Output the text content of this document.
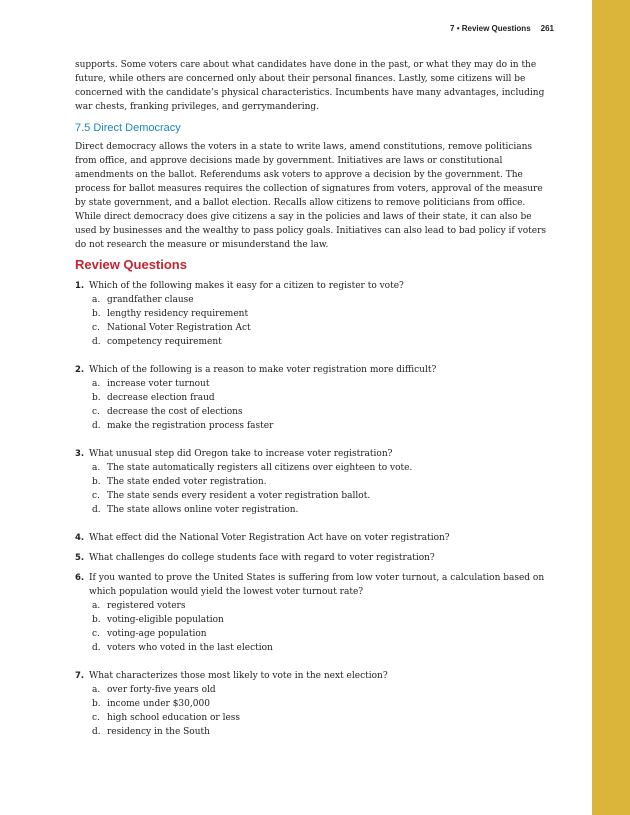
7 • Review Questions 261

supports. Some voters care about what candidates have done in the past, or what they may do in the future, while others are concerned only about their personal finances. Lastly, some citizens will be concerned with the candidate’s physical characteristics. Incumbents have many advantages, including war chests, franking privileges, and gerrymandering.

7.5 Direct Democracy

Direct democracy allows the voters in a state to write laws, amend constitutions, remove politicians from office, and approve decisions made by government. Initiatives are laws or constitutional amendments on the ballot. Referendums ask voters to approve a decision by the government. The process for ballot measures requires the collection of signatures from voters, approval of the measure by state government, and a ballot election. Recalls allow citizens to remove politicians from office. While direct democracy does give citizens a say in the policies and laws of their state, it can also be used by businesses and the wealthy to pass policy goals. Initiatives can also lead to bad policy if voters do not research the measure or misunderstand the law.

Review Questions
1. Which of the following makes it easy for a citizen to register to vote?
a. grandfather clause
b. lengthy residency requirement
c. National Voter Registration Act
d. competency requirement
2. Which of the following is a reason to make voter registration more difficult?
a. increase voter turnout
b. decrease election fraud
c. decrease the cost of elections
d. make the registration process faster
3. What unusual step did Oregon take to increase voter registration?
a. The state automatically registers all citizens over eighteen to vote.
b. The state ended voter registration.
c. The state sends every resident a voter registration ballot.
d. The state allows online voter registration.
4. What effect did the National Voter Registration Act have on voter registration?
5. What challenges do college students face with regard to voter registration?
6. If you wanted to prove the United States is suffering from low voter turnout, a calculation based on which population would yield the lowest voter turnout rate?
a. registered voters
b. voting-eligible population
c. voting-age population
d. voters who voted in the last election
7. What characterizes those most likely to vote in the next election?
a. over forty-five years old
b. income under $30,000
c. high school education or less
d. residency in the South
